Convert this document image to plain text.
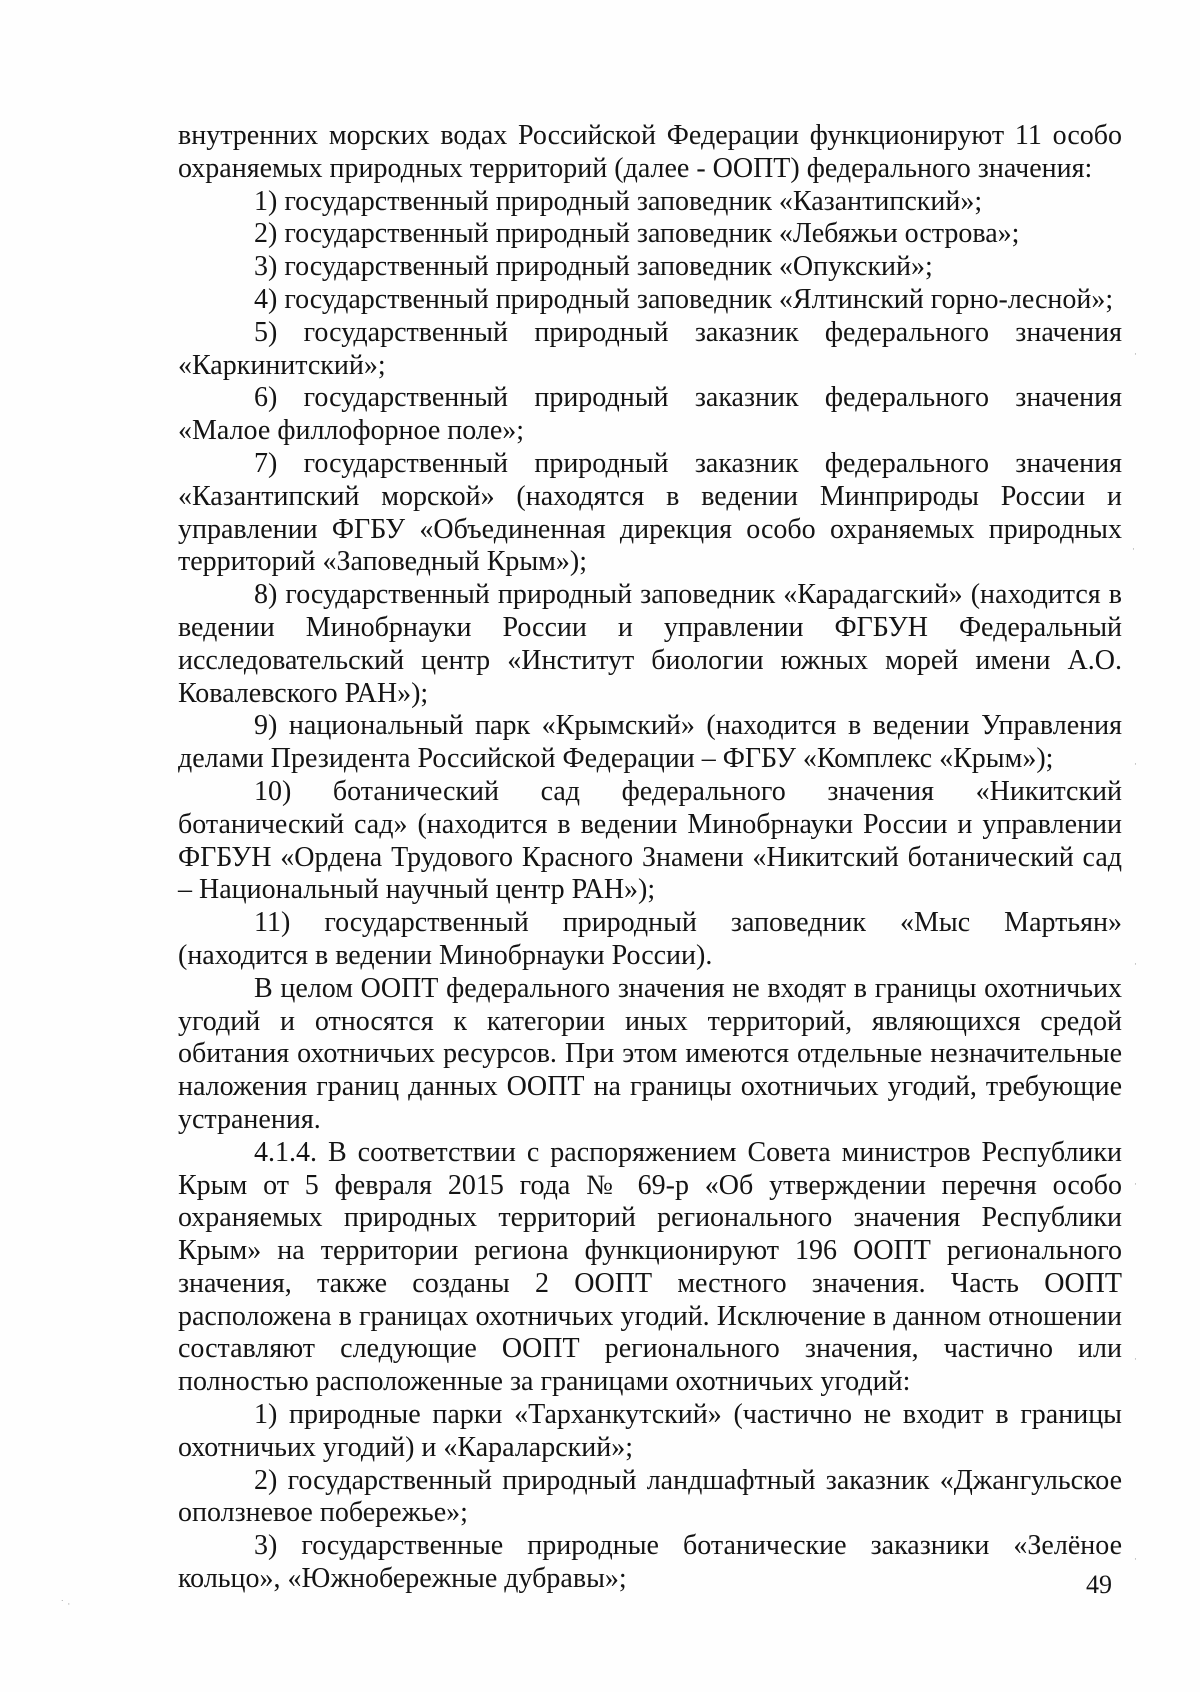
внутренних морских водах Российской Федерации функционируют 11 особо охраняемых природных территорий (далее - ООПТ) федерального значения:

1) государственный природный заповедник «Казантипский»;

2) государственный природный заповедник «Лебяжьи острова»;

3) государственный природный заповедник «Опукский»;

4) государственный природный заповедник «Ялтинский горно-лесной»;

5) государственный природный заказник федерального значения «Каркинитский»;

6) государственный природный заказник федерального значения «Малое филлофорное поле»;

7) государственный природный заказник федерального значения «Казантипский морской» (находятся в ведении Минприроды России и управлении ФГБУ «Объединенная дирекция особо охраняемых природных территорий «Заповедный Крым»);

8) государственный природный заповедник «Карадагский» (находится в ведении Минобрнауки России и управлении ФГБУН Федеральный исследовательский центр «Институт биологии южных морей имени А.О. Ковалевского РАН»);

9) национальный парк «Крымский» (находится в ведении Управления делами Президента Российской Федерации – ФГБУ «Комплекс «Крым»);

10) ботанический сад федерального значения «Никитский ботанический сад» (находится в ведении Минобрнауки России и управлении ФГБУН «Ордена Трудового Красного Знамени «Никитский ботанический сад – Национальный научный центр РАН»);

11) государственный природный заповедник «Мыс Мартьян» (находится в ведении Минобрнауки России).

В целом ООПТ федерального значения не входят в границы охотничьих угодий и относятся к категории иных территорий, являющихся средой обитания охотничьих ресурсов. При этом имеются отдельные незначительные наложения границ данных ООПТ на границы охотничьих угодий, требующие устранения.

4.1.4. В соответствии с распоряжением Совета министров Республики Крым от 5 февраля 2015 года № 69-р «Об утверждении перечня особо охраняемых природных территорий регионального значения Республики Крым» на территории региона функционируют 196 ООПТ регионального значения, также созданы 2 ООПТ местного значения. Часть ООПТ расположена в границах охотничьих угодий. Исключение в данном отношении составляют следующие ООПТ регионального значения, частично или полностью расположенные за границами охотничьих угодий:

1) природные парки «Тарханкутский» (частично не входит в границы охотничьих угодий) и «Караларский»;

2) государственный природный ландшафтный заказник «Джангульское оползневое побережье»;

3) государственные природные ботанические заказники «Зелёное кольцо», «Южнобережные дубравы»;	49
·
·
·
·
·
·
·
˙ ·
